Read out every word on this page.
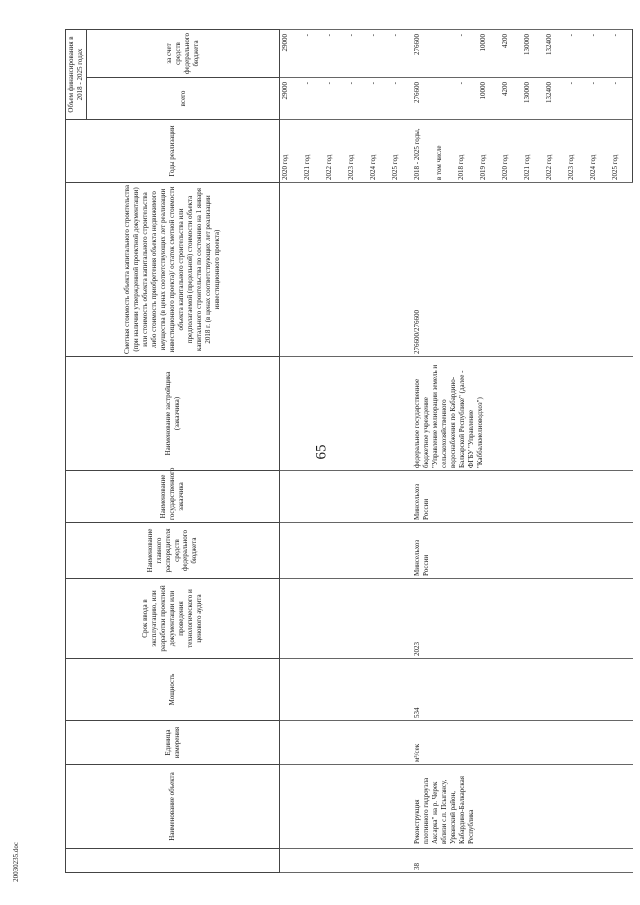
65
20030235.doc
	Наименование объекта	Единица измерения	Мощность	Срок ввода в эксплуатацию, или разработки проектной документации или проведения технологического и ценового аудита	Наименование главного распорядителя средств федерального бюджета	Наименование государственного заказчика	Наименование застройщика (заказчика)	Сметная стоимость объекта капитального строительства (при наличии утвержденной проектной документации) или стоимость объекта капитального строительства либо стоимость приобретения объекта недвижимого имущества (в ценах соответствующих лет реализации инвестиционного проекта)/ остаток сметной стоимости объекта капитального строительства или предполагаемой (предельной) стоимости объекта капитального строительства по состоянию на 1 января 2018 г. (в ценах соответствующих лет реализации инвестиционного проекта)	Годы реализации	Объем финансирования в 2018 - 2025 годах	
										всего	за счет средств федерального бюджета
									2020 год	29000	29000
									2021 год	-	-
									2022 год	-	-
									2023 год	-	-
									2024 год	-	-
									2025 год	-	-
38	Реконструкция плотинного гидроузла Аксарка" на р. Черек вблизи с.п. Псыгансу, Урванский район, Кабардино-Балкарская Республика	м³/сек	534	2023	Минсельхоз России	Минсельхоз России	федеральное государственное бюджетное учреждение "Управление мелиорации земель и сельскохозяйственного водоснабжения по Кабардино-Балкарской Республике" (далее - ФГБУ "Управление "Каббалкмелиоводхоз")	276600/276600	2018 - 2025 годы,	276600	276600
									в том числе		
									2018 год	-	-
									2019 год	10000	10000
									2020 год	4200	4200
									2021 год	130000	130000
									2022 год	132400	132400
									2023 год	-	-
									2024 год	-	-
									2025 год	-	-
